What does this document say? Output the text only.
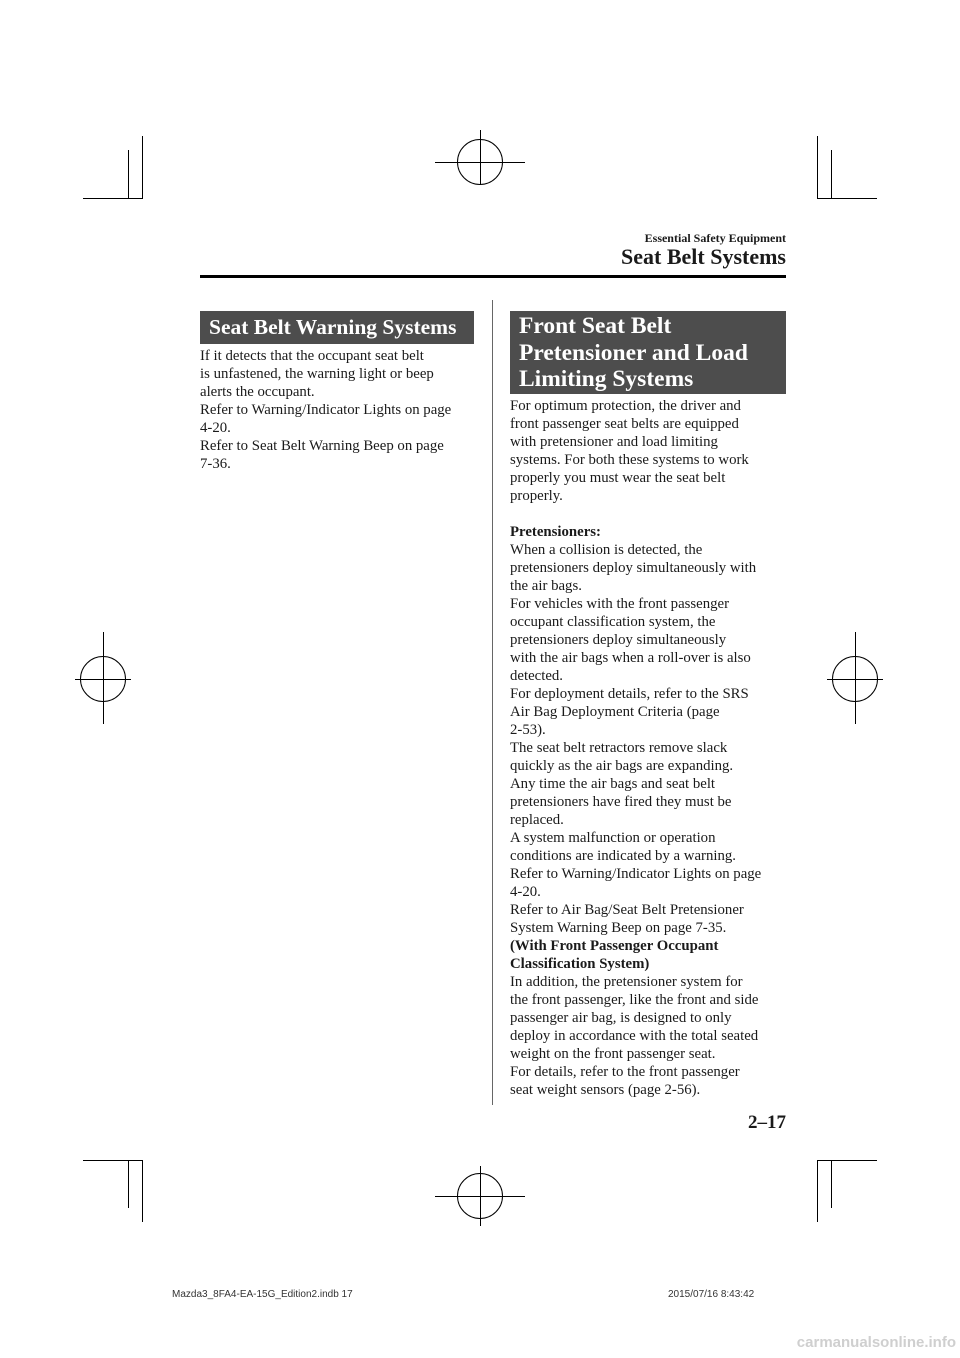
Essential Safety Equipment
Seat Belt Systems
Seat Belt Warning Systems

If it detects that the occupant seat belt

is unfastened, the warning light or beep

alerts the occupant.

Refer to Warning/Indicator Lights on page

4-20.

Refer to Seat Belt Warning Beep on page

7-36.

Front Seat Belt
Pretensioner and Load
Limiting Systems

For optimum protection, the driver and

front passenger seat belts are equipped

with pretensioner and load limiting

systems. For both these systems to work

properly you must wear the seat belt

properly.

Pretensioners:

When a collision is detected, the

pretensioners deploy simultaneously with

the air bags.

For vehicles with the front passenger

occupant classification system, the

pretensioners deploy simultaneously

with the air bags when a roll-over is also

detected.

For deployment details, refer to the SRS

Air Bag Deployment Criteria (page

2-53).

The seat belt retractors remove slack

quickly as the air bags are expanding.

Any time the air bags and seat belt

pretensioners have fired they must be

replaced.

A system malfunction or operation

conditions are indicated by a warning.

Refer to Warning/Indicator Lights on page

4-20.

Refer to Air Bag/Seat Belt Pretensioner

System Warning Beep on page 7-35.

(With Front Passenger Occupant

Classification System)

In addition, the pretensioner system for

the front passenger, like the front and side

passenger air bag, is designed to only

deploy in accordance with the total seated

weight on the front passenger seat.

For details, refer to the front passenger

seat weight sensors (page 2-56).

2–17
Mazda3_8FA4-EA-15G_Edition2.indb 17	2015/07/16 8:43:42
carmanualsonline.info
